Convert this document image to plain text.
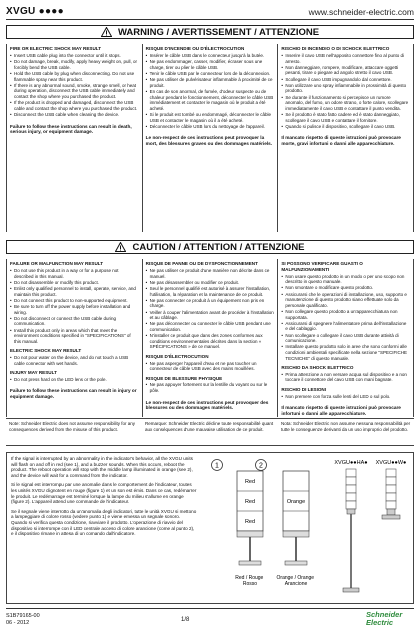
XVGU ●●●●	www.schneider-electric.com
WARNING / AVERTISSEMENT / ATTENZIONE
FIRE OR ELECTRIC SHOCK MAY RESULT
• Insert USB cable plug into the connector until it stops.
• Do not damage, break, modify, apply heavy weight on, pull, or forcibly bend the USB cable.
• Hold the USB cable by plug when disconnecting. Do not use flammable spray near this product.
• If there is any abnormal sound, smoke, strange smell, or heat during operation, disconnect the USB cable immediately and contact the shop where you purchased the product.
• If the product is dropped and damaged, disconnect the USB cable and contact the shop where you purchased the product.
• Disconnect the USB cable when cleaning the device.
Failure to follow these instructions can result in death, serious injury, or equipment damage.
RISQUE D'INCENDIE OU D'ÉLECTROCUTION
• Insérer le câble USB dans le connecteur jusqu'à la butée.
• Ne pas endommager, casser, modifier, écraser sous une charge, tirer ou plier le câble USB.
• Tenir le câble USB par le connecteur lors de la déconnexion.
• Ne pas utiliser de pulvérisateur inflammable à proximité de ce produit.
• En cas de son anormal, de fumée, d'odeur suspecte ou de chaleur pendant le fonctionnement, déconnecter le câble USB immédiatement et contacter le magasin où le produit a été acheté.
• Si le produit est tombé ou endommagé, déconnecter le câble USB et contacter le magasin où il a été acheté.
• Déconnecter le câble USB lors du nettoyage de l'appareil.
Le non-respect de ces instructions peut provoquer la mort, des blessures graves ou des dommages matériels.
RISCHIO DI INCENDIO O DI SCHOCK ELETTRICO
• Inserire il cavo USB nell'apposito connettore fino al punto di arresto.
• Non danneggiare, rompere, modificare, attaccare oggetti pesanti, tirare o piegare ad angolo stretto il cavo USB.
• Scollegare il cavo USB impugnandolo dal connettore.
• Non utilizzare uno spray infiammabile in prossimità di questo prodotto.
• Se durante il funzionamento si percepisce un rumore anomalo, del fumo, un odore strano, o forte calore, scollegare immediatamente il cavo USB e contattare il punto vendita.
• Se il prodotto è stato fatto cadere ed è stato danneggiato, scollegare il cavo USB e contattare il fornitore.
• Quando si pulisce il dispositivo, scollegare il cavo USB.
Il mancato rispetto di queste istruzioni può provocare morte, gravi infortuni o danni alle apparecchiature.
CAUTION / ATTENTION / ATTENZIONE
FAILURE OR MALFUNCTION MAY RESULT
• Do not use this product in a way or for a purpose not described in this manual.
• Do not disassemble or modify this product.
• Enlist only qualified personnel to install, operate, service, and maintain this product.
• Do not connect this product to non-supported equipment.
• Be sure to turn off the power supply before installation and wiring.
• Do not disconnect or connect the USB cable during communication.
• Install this product only in areas which that meet the environment conditions specified in "SPECIFICATIONS" of this manual.
ELECTRIC SHOCK MAY RESULT
• Do not pour water on the device, and do not touch a USB cable connector with wet hands.
INJURY MAY RESULT
• Do not press hard on the LED lens or the pole.
Failure to follow these instructions can result in injury or equipment damage.
RISQUE DE PANNE OU DE DYSFONCTIONNEMENT
• Ne pas utiliser ce produit d'une manière non décrite dans ce manuel.
• Ne pas désassembler ou modifier ce produit.
• Seul le personnel qualifié est autorisé à assurer l'installation, l'utilisation, la réparation et la maintenance de ce produit.
• Ne pas connecter ce produit à un équipement non pris en charge.
• Veiller à couper l'alimentation avant de procéder à l'installation et au câblage.
• Ne pas déconnecter ou connecter le câble USB pendant une communication.
• N'installer ce produit que dans des zones conformes aux conditions environnementales décrites dans la section « SPÉCIFICATIONS » de ce manuel.
RISQUE D'ÉLECTROCUTION
• Ne pas asperger l'appareil d'eau et ne pas toucher un connecteur de câble USB avec des mains mouillées.
RISQUE DE BLESSURE PHYSIQUE
• Ne pas appuyer fortement sur la lentille du voyant ou sur le pôle.
Le non-respect de ces instructions peut provoquer des blessures ou des dommages matériels.
SI POSSONO VERIFICARE GUASTI O MALFUNZIONAMENTI
• Non usare questo prodotto in un modo o per uno scopo non descritto in questo manuale.
• Non smontare o modificare questo prodotto.
• Assicurarsi che le operazioni di installazione, uso, supporto e manutenzione di questo prodotto siano effettuate solo da personale qualificato.
• Non collegare questo prodotto a un'apparecchiatura non supportata.
• Assicurarsi di spegnere l'alimentatore prima dell'installazione e del cablaggio.
• Non scollegare o collegare il cavo USB durante attività di comunicazione.
• Installare questo prodotto solo in aree che sono conformi alle condizioni ambientali specificate nella sezione "SPECIFICHE TECNICHE" di questo manuale.
RISCHIO DA SHOCK ELETTRICO
• Prima attenzione a non versare acqua sul dispositivo e a non toccare il connettore del cavo USB con mani bagnate.
RISCHIO DI LESIONI
• Non premere con forza sulle lenti del LED o sul polo.
Il mancato rispetto di queste istruzioni può provocare infortuni o danni alle apparecchiature.
Note: Schneider Electric does not assume responsibility for any consequences derived from the misuse of this product.
Remarque: Schneider Electric décline toute responsabilité quant aux conséquences d'une mauvaise utilisation de ce produit.
Nota: Schneider Electric non assume nessuna responsabilità per tutte le conseguenze derivanti da un uso improprio del prodotto.

If the signal is interrupted by an abnormality in the indicator's behavior, all the XVGU units will flash on and off in red (see 1), and a buzzer sounds. When this occurs, reboot the product. The reboot operation will stop with the middle lamp illuminated in orange (see 2), and the device will wait for a command from the indicator.

Si le signal est interrompu par une anomalie dans le comportement de l'indicateur, toutes les unités XVGU clignotent en rouge (figure 1) et un son est émis. Dans ce cas, redémarrer le produit. Le redémarrage est terminé lorsque la lampe du milieu s'allume en orange (figure 2). L'appareil attend une commande de l'indicateur.

Se il segnale viene interrotto da un'anomalia degli indicatori, tutte le unità XVGU si mettono a lampeggiare di colore rosso (vedere punto 1) e viene emessa un segnale sonoro. Quando si verifica questa condizione, riavviare il prodotto. L'operazione di riavvio del dispositivo si interrompe con il LED centrale acceso di colore arancione (come al punto 2), e il dispositivo rimane in attesa di un comando dall'indicatore.

1	2
Red
Red
Red
Orange
Red / Rouge Rosso
Orange / Orange Arancione
XVGU●●HA● XVGU●●W●
S1B79165-00
06 - 2012	1/8
Schneider
Electric
